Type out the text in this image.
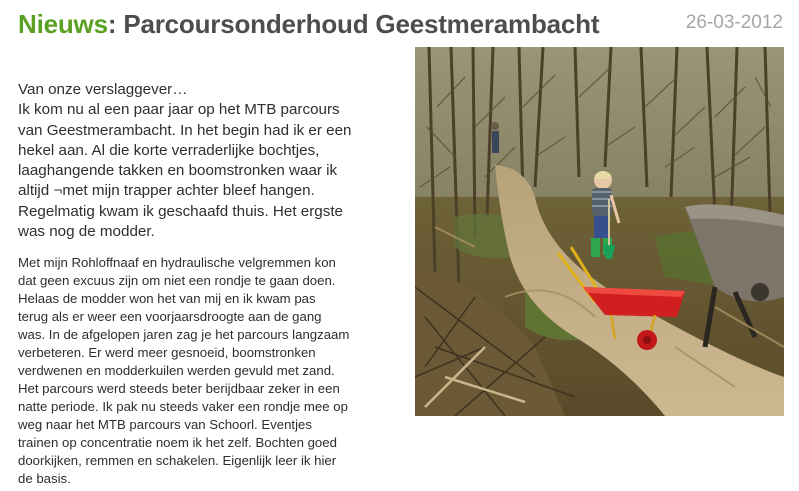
Nieuws: Parcoursonderhoud Geestmerambacht	26-03-2012

Van onze verslaggever…
Ik kom nu al een paar jaar op het MTB parcours
van Geestmerambacht. In het begin had ik er een
hekel aan. Al die korte verraderlijke bochtjes,
laaghangende takken en boomstronken waar ik
altijd ¬met mijn trapper achter bleef hangen.
Regelmatig kwam ik geschaafd thuis. Het ergste
was nog de modder.

Met mijn Rohloffnaaf en hydraulische velgremmen kon
dat geen excuus zijn om niet een rondje te gaan doen.
Helaas de modder won het van mij en ik kwam pas
terug als er weer een voorjaarsdroogte aan de gang
was. In de afgelopen jaren zag je het parcours langzaam
verbeteren. Er werd meer gesnoeid, boomstronken
verdwenen en modderkuilen werden gevuld met zand.
Het parcours werd steeds beter berijdbaar zeker in een
natte periode. Ik pak nu steeds vaker een rondje mee op
weg naar het MTB parcours van Schoorl. Eventjes
trainen op concentratie noem ik het zelf. Bochten goed
doorkijken, remmen en schakelen. Eigenlijk leer ik hier
de basis.
